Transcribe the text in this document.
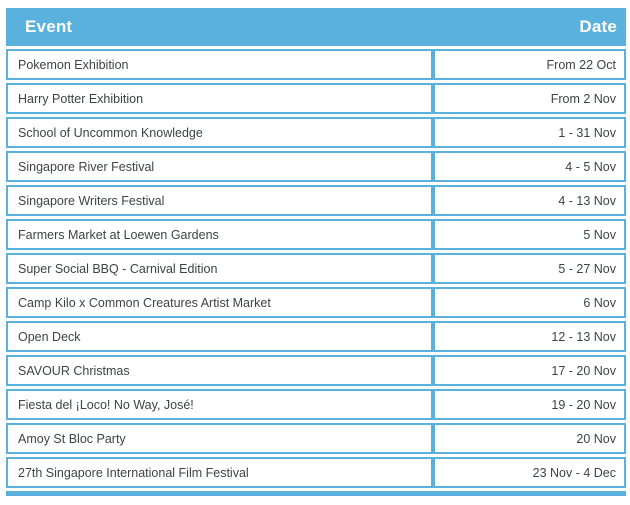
Event	Date
Pokemon Exhibition	From 22 Oct
Harry Potter Exhibition	From 2 Nov
School of Uncommon Knowledge	1 - 31 Nov
Singapore River Festival	4 - 5 Nov
Singapore Writers Festival	4 - 13 Nov
Farmers Market at Loewen Gardens	5 Nov
Super Social BBQ - Carnival Edition	5 - 27 Nov
Camp Kilo x Common Creatures Artist Market	6 Nov
Open Deck	12 - 13 Nov
SAVOUR Christmas	17 - 20 Nov
Fiesta del ¡Loco! No Way, José!	19 - 20 Nov
Amoy St Bloc Party	20 Nov
27th Singapore International Film Festival	23 Nov - 4 Dec
